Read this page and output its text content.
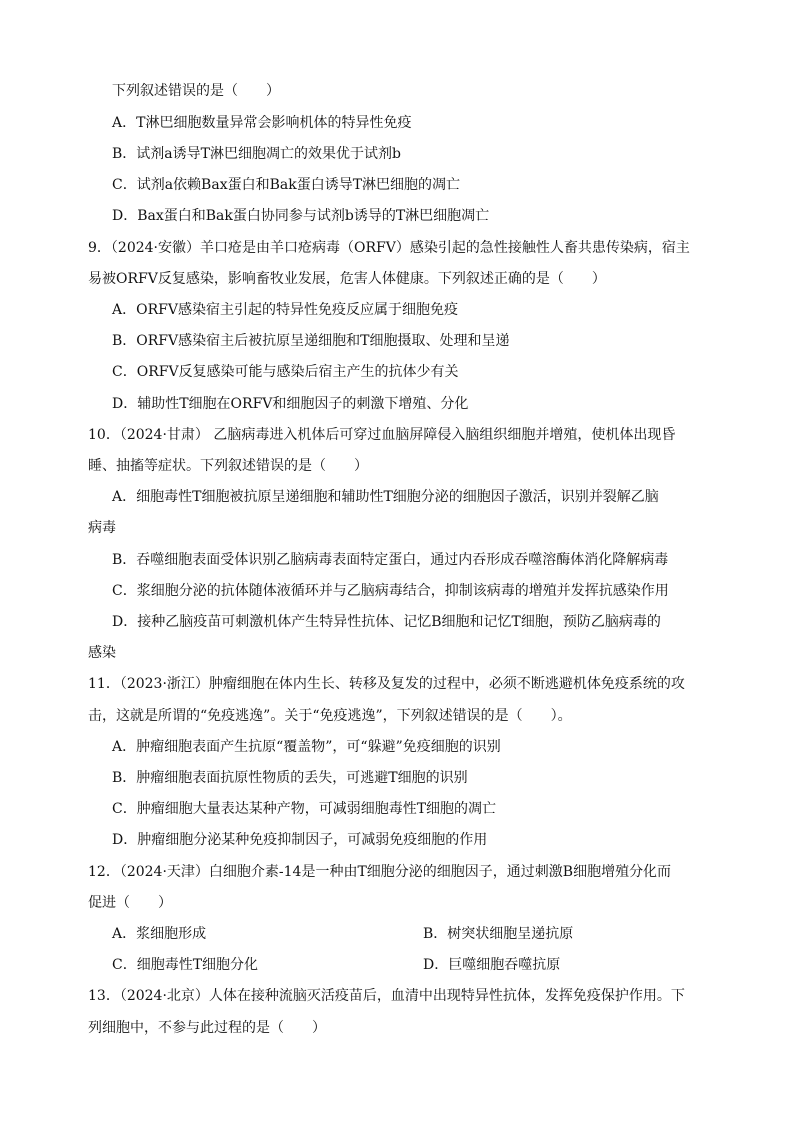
下列叙述错误的是（　　）
A．T淋巴细胞数量异常会影响机体的特异性免疫
B．试剂a诱导T淋巴细胞凋亡的效果优于试剂b
C．试剂a依赖Bax蛋白和Bak蛋白诱导T淋巴细胞的凋亡
D．Bax蛋白和Bak蛋白协同参与试剂b诱导的T淋巴细胞凋亡
9．（2024·安徽）羊口疮是由羊口疮病毒（ORFV）感染引起的急性接触性人畜共患传染病，宿主
易被ORFV反复感染，影响畜牧业发展，危害人体健康。下列叙述正确的是（　　）
A．ORFV感染宿主引起的特异性免疫反应属于细胞免疫
B．ORFV感染宿主后被抗原呈递细胞和T细胞摄取、处理和呈递
C．ORFV反复感染可能与感染后宿主产生的抗体少有关
D．辅助性T细胞在ORFV和细胞因子的刺激下增殖、分化
10．（2024·甘肃） 乙脑病毒进入机体后可穿过血脑屏障侵入脑组织细胞并增殖，使机体出现昏
睡、抽搐等症状。下列叙述错误的是（　　）
A．细胞毒性T细胞被抗原呈递细胞和辅助性T细胞分泌的细胞因子激活，识别并裂解乙脑
病毒
B．吞噬细胞表面受体识别乙脑病毒表面特定蛋白，通过内吞形成吞噬溶酶体消化降解病毒
C．浆细胞分泌的抗体随体液循环并与乙脑病毒结合，抑制该病毒的增殖并发挥抗感染作用
D．接种乙脑疫苗可刺激机体产生特异性抗体、记忆B细胞和记忆T细胞，预防乙脑病毒的
感染
11．（2023·浙江）肿瘤细胞在体内生长、转移及复发的过程中，必须不断逃避机体免疫系统的攻
击，这就是所谓的“免疫逃逸”。关于“免疫逃逸”，下列叙述错误的是（　　）。
A．肿瘤细胞表面产生抗原“覆盖物”，可“躲避”免疫细胞的识别
B．肿瘤细胞表面抗原性物质的丢失，可逃避T细胞的识别
C．肿瘤细胞大量表达某种产物，可减弱细胞毒性T细胞的凋亡
D．肿瘤细胞分泌某种免疫抑制因子，可减弱免疫细胞的作用
12．（2024·天津）白细胞介素-14是一种由T细胞分泌的细胞因子，通过刺激B细胞增殖分化而
促进（　　）
A．浆细胞形成	B．树突状细胞呈递抗原
C．细胞毒性T细胞分化	D．巨噬细胞吞噬抗原
13．（2024·北京）人体在接种流脑灭活疫苗后，血清中出现特异性抗体，发挥免疫保护作用。下
列细胞中，不参与此过程的是（　　）
